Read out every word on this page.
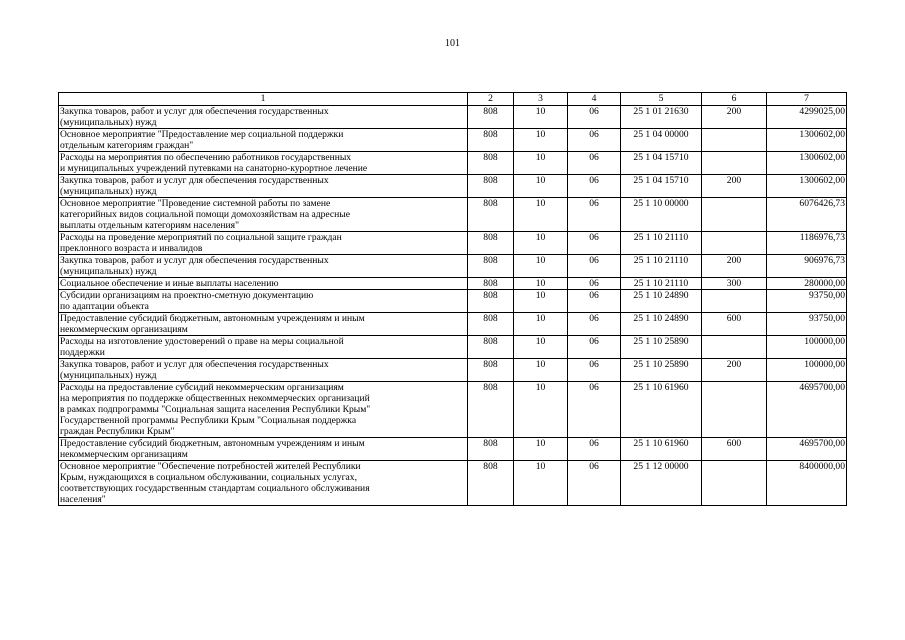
101
1	2	3	4	5	6	7
Закупка товаров, работ и услуг для обеспечения государственных
(муниципальных) нужд	808	10	06	25 1 01 21630	200	4299025,00
Основное мероприятие "Предоставление мер социальной поддержки
отдельным категориям граждан"	808	10	06	25 1 04 00000		1300602,00
Расходы на мероприятия по обеспечению работников государственных
и муниципальных учреждений путевками на санаторно-курортное лечение	808	10	06	25 1 04 15710		1300602,00
Закупка товаров, работ и услуг для обеспечения государственных
(муниципальных) нужд	808	10	06	25 1 04 15710	200	1300602,00
Основное мероприятие "Проведение системной работы по замене
категорийных видов социальной помощи домохозяйствам на адресные
выплаты отдельным категориям населения"	808	10	06	25 1 10 00000		6076426,73
Расходы на проведение мероприятий по социальной защите граждан
преклонного возраста и инвалидов	808	10	06	25 1 10 21110		1186976,73
Закупка товаров, работ и услуг для обеспечения государственных
(муниципальных) нужд	808	10	06	25 1 10 21110	200	906976,73
Социальное обеспечение и иные выплаты населению	808	10	06	25 1 10 21110	300	280000,00
Субсидии организациям на проектно-сметную документацию
по адаптации объекта	808	10	06	25 1 10 24890		93750,00
Предоставление субсидий бюджетным, автономным учреждениям и иным
некоммерческим организациям	808	10	06	25 1 10 24890	600	93750,00
Расходы на изготовление удостоверений о праве на меры социальной
поддержки	808	10	06	25 1 10 25890		100000,00
Закупка товаров, работ и услуг для обеспечения государственных
(муниципальных) нужд	808	10	06	25 1 10 25890	200	100000,00
Расходы на предоставление субсидий некоммерческим организациям
на мероприятия по поддержке общественных некоммерческих организаций
в рамках подпрограммы "Социальная защита населения Республики Крым"
Государственной программы Республики Крым "Социальная поддержка
граждан Республики Крым"	808	10	06	25 1 10 61960		4695700,00
Предоставление субсидий бюджетным, автономным учреждениям и иным
некоммерческим организациям	808	10	06	25 1 10 61960	600	4695700,00
Основное мероприятие "Обеспечение потребностей жителей Республики
Крым, нуждающихся в социальном обслуживании, социальных услугах,
соответствующих государственным стандартам социального обслуживания
населения"	808	10	06	25 1 12 00000		8400000,00
